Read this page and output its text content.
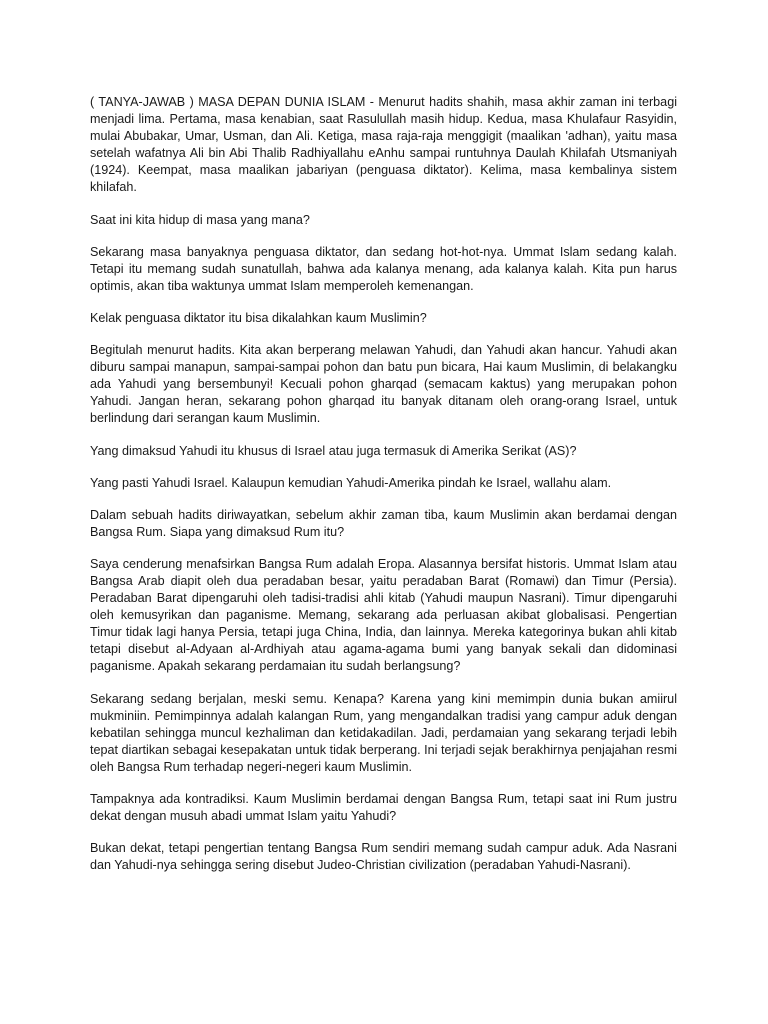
( TANYA-JAWAB ) MASA DEPAN DUNIA ISLAM - Menurut hadits shahih, masa akhir zaman ini terbagi menjadi lima. Pertama, masa kenabian, saat Rasulullah masih hidup. Kedua, masa Khulafaur Rasyidin, mulai Abubakar, Umar, Usman, dan Ali. Ketiga, masa raja-raja menggigit (maalikan 'adhan), yaitu masa setelah wafatnya Ali bin Abi Thalib Radhiyallahu eAnhu sampai runtuhnya Daulah Khilafah Utsmaniyah (1924). Keempat, masa maalikan jabariyan (penguasa diktator). Kelima, masa kembalinya sistem khilafah.

Saat ini kita hidup di masa yang mana?

Sekarang masa banyaknya penguasa diktator, dan sedang hot-hot-nya. Ummat Islam sedang kalah. Tetapi itu memang sudah sunatullah, bahwa ada kalanya menang, ada kalanya kalah. Kita pun harus optimis, akan tiba waktunya ummat Islam memperoleh kemenangan.

Kelak penguasa diktator itu bisa dikalahkan kaum Muslimin?

Begitulah menurut hadits. Kita akan berperang melawan Yahudi, dan Yahudi akan hancur. Yahudi akan diburu sampai manapun, sampai-sampai pohon dan batu pun bicara, Hai kaum Muslimin, di belakangku ada Yahudi yang bersembunyi! Kecuali pohon gharqad (semacam kaktus) yang merupakan pohon Yahudi. Jangan heran, sekarang pohon gharqad itu banyak ditanam oleh orang-orang Israel, untuk berlindung dari serangan kaum Muslimin.

Yang dimaksud Yahudi itu khusus di Israel atau juga termasuk di Amerika Serikat (AS)?

Yang pasti Yahudi Israel. Kalaupun kemudian Yahudi-Amerika pindah ke Israel, wallahu alam.

Dalam sebuah hadits diriwayatkan, sebelum akhir zaman tiba, kaum Muslimin akan berdamai dengan Bangsa Rum. Siapa yang dimaksud Rum itu?

Saya cenderung menafsirkan Bangsa Rum adalah Eropa. Alasannya bersifat historis. Ummat Islam atau Bangsa Arab diapit oleh dua peradaban besar, yaitu peradaban Barat (Romawi) dan Timur (Persia). Peradaban Barat dipengaruhi oleh tadisi-tradisi ahli kitab (Yahudi maupun Nasrani). Timur dipengaruhi oleh kemusyrikan dan paganisme. Memang, sekarang ada perluasan akibat globalisasi. Pengertian Timur tidak lagi hanya Persia, tetapi juga China, India, dan lainnya. Mereka kategorinya bukan ahli kitab tetapi disebut al-Adyaan al-Ardhiyah atau agama-agama bumi yang banyak sekali dan didominasi paganisme. Apakah sekarang perdamaian itu sudah berlangsung?

Sekarang sedang berjalan, meski semu. Kenapa? Karena yang kini memimpin dunia bukan amiirul mukminiin. Pemimpinnya adalah kalangan Rum, yang mengandalkan tradisi yang campur aduk dengan kebatilan sehingga muncul kezhaliman dan ketidakadilan. Jadi, perdamaian yang sekarang terjadi lebih tepat diartikan sebagai kesepakatan untuk tidak berperang. Ini terjadi sejak berakhirnya penjajahan resmi oleh Bangsa Rum terhadap negeri-negeri kaum Muslimin.

Tampaknya ada kontradiksi. Kaum Muslimin berdamai dengan Bangsa Rum, tetapi saat ini Rum justru dekat dengan musuh abadi ummat Islam yaitu Yahudi?

Bukan dekat, tetapi pengertian tentang Bangsa Rum sendiri memang sudah campur aduk. Ada Nasrani dan Yahudi-nya sehingga sering disebut Judeo-Christian civilization (peradaban Yahudi-Nasrani).
